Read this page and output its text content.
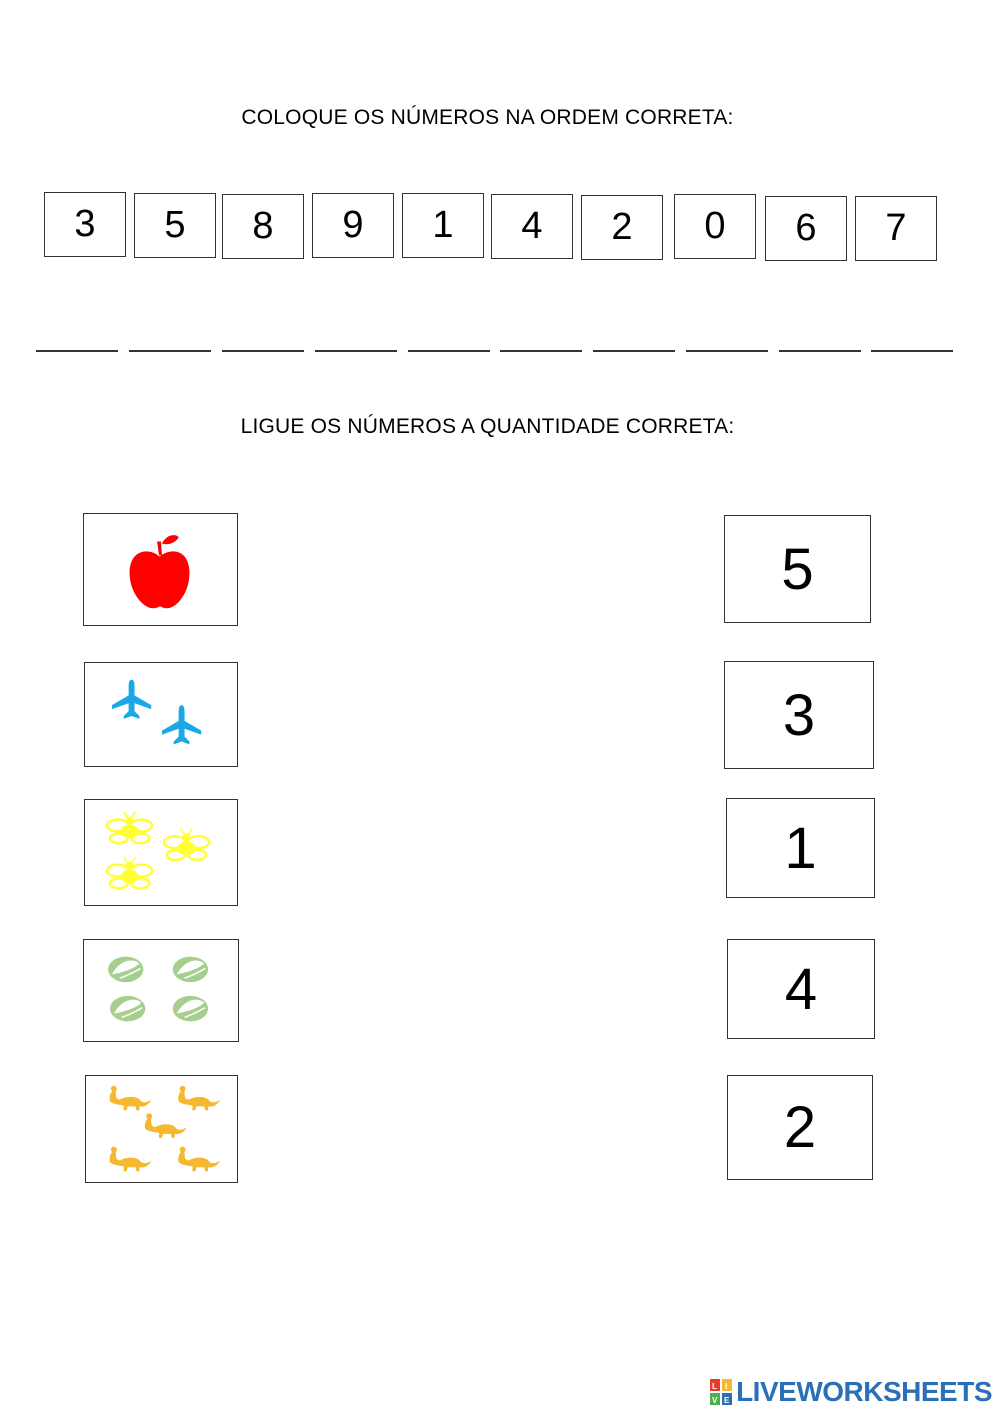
COLOQUE OS NÚMEROS NA ORDEM CORRETA:
3	5	8	9	1	4	2	0	6	7
LIGUE OS NÚMEROS A QUANTIDADE CORRETA:
5
3
1
4
2
L I
V E LIVEWORKSHEETS
